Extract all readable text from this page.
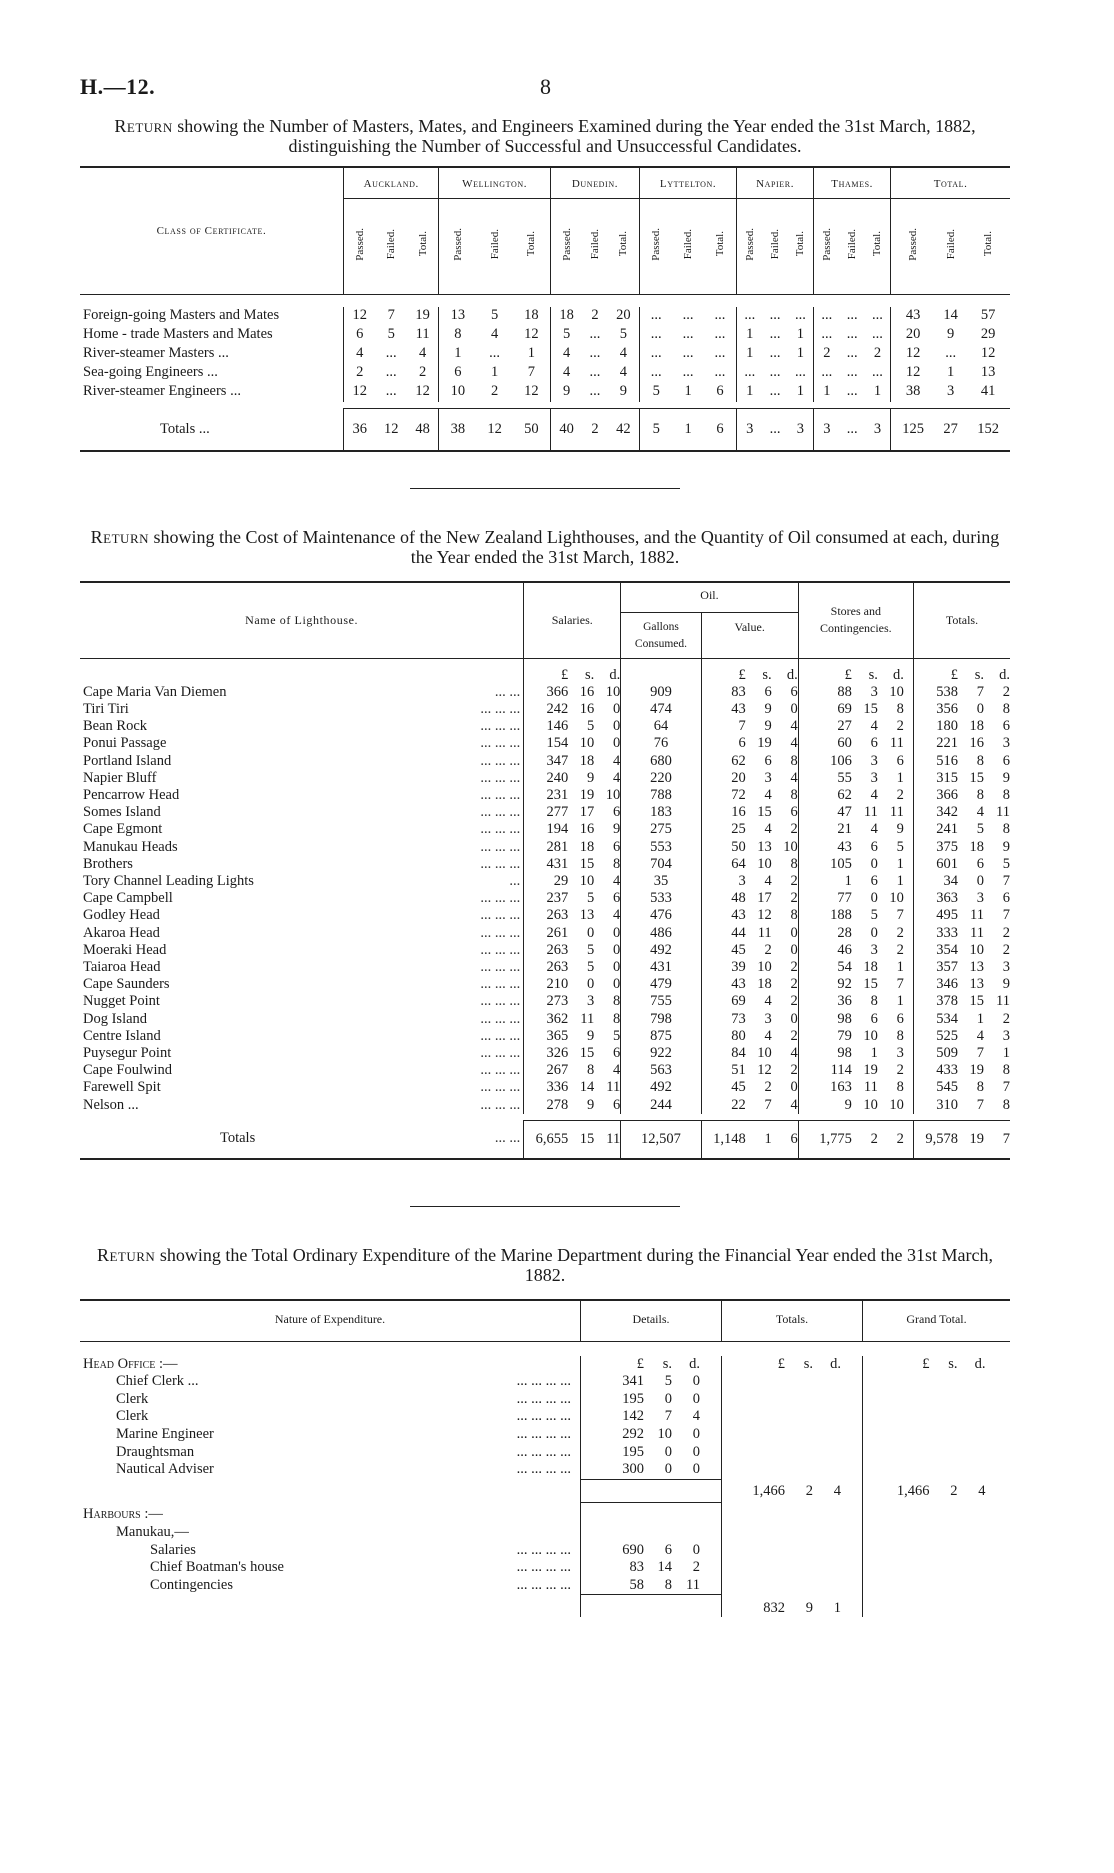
H.—12.	8
Return showing the Number of Masters, Mates, and Engineers Examined during the Year ended the 31st March, 1882, distinguishing the Number of Successful and Unsuccessful Candidates.
Class of Certificate.	Auckland.			Wellington.			Dunedin.			Lyttelton.			Napier.			Thames.			Total.		
	Passed.	Failed.	Total.	Passed.	Failed.	Total.	Passed.	Failed.	Total.	Passed.	Failed.	Total.	Passed.	Failed.	Total.	Passed.	Failed.	Total.	Passed.	Failed.	Total.

Foreign-going Masters and Mates	12	7	19	13	5	18	18	2	20	...	...	...	...	...	...	...	...	...	43	14	57
Home - trade Masters and Mates	6	5	11	8	4	12	5	...	5	...	...	...	1	...	1	...	...	...	20	9	29
River-steamer Masters ...	4	...	4	1	...	1	4	...	4	...	...	...	1	...	1	2	...	2	12	...	12
Sea-going Engineers ...	2	...	2	6	1	7	4	...	4	...	...	...	...	...	...	...	...	...	12	1	13
River-steamer Engineers ...	12	...	12	10	2	12	9	...	9	5	1	6	1	...	1	1	...	1	38	3	41

Totals ...	36	12	48	38	12	50	40	2	42	5	1	6	3	...	3	3	...	3	125	27	152
Return showing the Cost of Maintenance of the New Zealand Lighthouses, and the Quantity of Oil consumed at each, during the Year ended the 31st March, 1882.
Name of Lighthouse.	Salaries.	Oil.		Stores and Contingencies.	Totals.
		Gallons Consumed.	Value.		

	£ s. d.		£ s. d.	£ s. d.	£ s. d.

Cape Maria Van Diemen ... ...	366 16 10	909	83 6 6	88 3 10	538 7 2

Tiri Tiri ... ... ...	242 16 0	474	43 9 0	69 15 8	356 0 8

Bean Rock ... ... ...	146 5 0	64	7 9 4	27 4 2	180 18 6

Ponui Passage ... ... ...	154 10 0	76	6 19 4	60 6 11	221 16 3

Portland Island ... ... ...	347 18 4	680	62 6 8	106 3 6	516 8 6

Napier Bluff ... ... ...	240 9 4	220	20 3 4	55 3 1	315 15 9

Pencarrow Head ... ... ...	231 19 10	788	72 4 8	62 4 2	366 8 8

Somes Island ... ... ...	277 17 6	183	16 15 6	47 11 11	342 4 11

Cape Egmont ... ... ...	194 16 9	275	25 4 2	21 4 9	241 5 8

Manukau Heads ... ... ...	281 18 6	553	50 13 10	43 6 5	375 18 9

Brothers ... ... ...	431 15 8	704	64 10 8	105 0 1	601 6 5

Tory Channel Leading Lights ...	29 10 4	35	3 4 2	1 6 1	34 0 7

Cape Campbell ... ... ...	237 5 6	533	48 17 2	77 0 10	363 3 6

Godley Head ... ... ...	263 13 4	476	43 12 8	188 5 7	495 11 7

Akaroa Head ... ... ...	261 0 0	486	44 11 0	28 0 2	333 11 2

Moeraki Head ... ... ...	263 5 0	492	45 2 0	46 3 2	354 10 2

Taiaroa Head ... ... ...	263 5 0	431	39 10 2	54 18 1	357 13 3

Cape Saunders ... ... ...	210 0 0	479	43 18 2	92 15 7	346 13 9

Nugget Point ... ... ...	273 3 8	755	69 4 2	36 8 1	378 15 11

Dog Island ... ... ...	362 11 8	798	73 3 0	98 6 6	534 1 2

Centre Island ... ... ...	365 9 5	875	80 4 2	79 10 8	525 4 3

Puysegur Point ... ... ...	326 15 6	922	84 10 4	98 1 3	509 7 1

Cape Foulwind ... ... ...	267 8 4	563	51 12 2	114 19 2	433 19 8

Farewell Spit ... ... ...	336 14 11	492	45 2 0	163 11 8	545 8 7

Nelson ... ... ... ...	278 9 6	244	22 7 4	9 10 10	310 7 8

Totals ... ...	6,655 15 11	12,507	1,148 1 6	1,775 2 2	9,578 19 7
Return showing the Total Ordinary Expenditure of the Marine Department during the Financial Year ended the 31st March, 1882.
Nature of Expenditure.	Details.	Totals.	Grand Total.

Head Office :—	£ s. d.	£ s. d.	£ s. d.

Chief Clerk ... ... ... ... ...	341 5 0		

Clerk ... ... ... ...	195 0 0		

Clerk ... ... ... ...	142 7 4		

Marine Engineer ... ... ... ...	292 10 0		

Draughtsman ... ... ... ...	195 0 0		

Nautical Adviser ... ... ... ...	300 0 0		

		1,466 2 4	1,466 2 4

Harbours :—			
Manukau,—			
Salaries ... ... ... ...	690 6 0		

Chief Boatman's house ... ... ... ...	83 14 2		

Contingencies ... ... ... ...	58 8 11		

		832 9 1	
